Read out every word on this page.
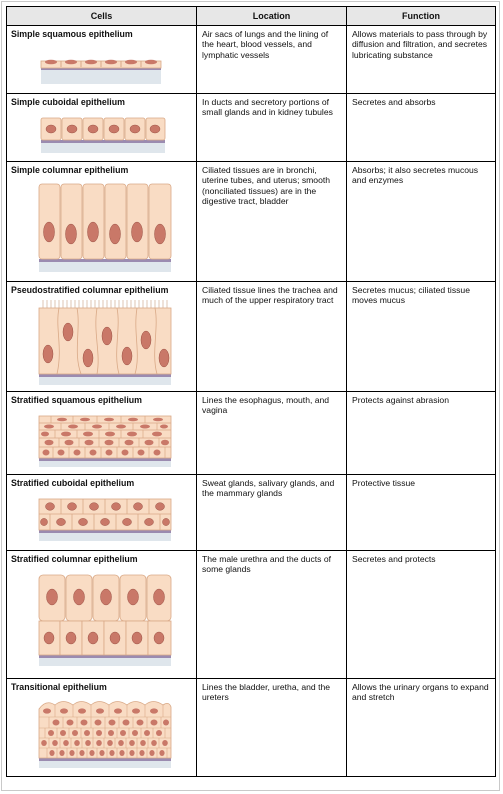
Cells	Location	Function

Simple squamous epithelium	Air sacs of lungs and the lining of the heart, blood vessels, and lymphatic vessels	Allows materials to pass through by diffusion and filtration, and secretes lubricating substance

Simple cuboidal epithelium	In ducts and secretory portions of small glands and in kidney tubules	Secretes and absorbs

Simple columnar epithelium	Ciliated tissues are in bronchi, uterine tubes, and uterus; smooth (nonciliated tissues) are in the digestive tract, bladder	Absorbs; it also secretes mucous and enzymes

Pseudostratified columnar epithelium	Ciliated tissue lines the trachea and much of the upper respiratory tract	Secretes mucus; ciliated tissue moves mucus

Stratified squamous epithelium	Lines the esophagus, mouth, and vagina	Protects against abrasion

Stratified cuboidal epithelium	Sweat glands, salivary glands, and the mammary glands	Protective tissue

Stratified columnar epithelium	The male urethra and the ducts of some glands	Secretes and protects

Transitional epithelium	Lines the bladder, uretha, and the ureters	Allows the urinary organs to expand and stretch
